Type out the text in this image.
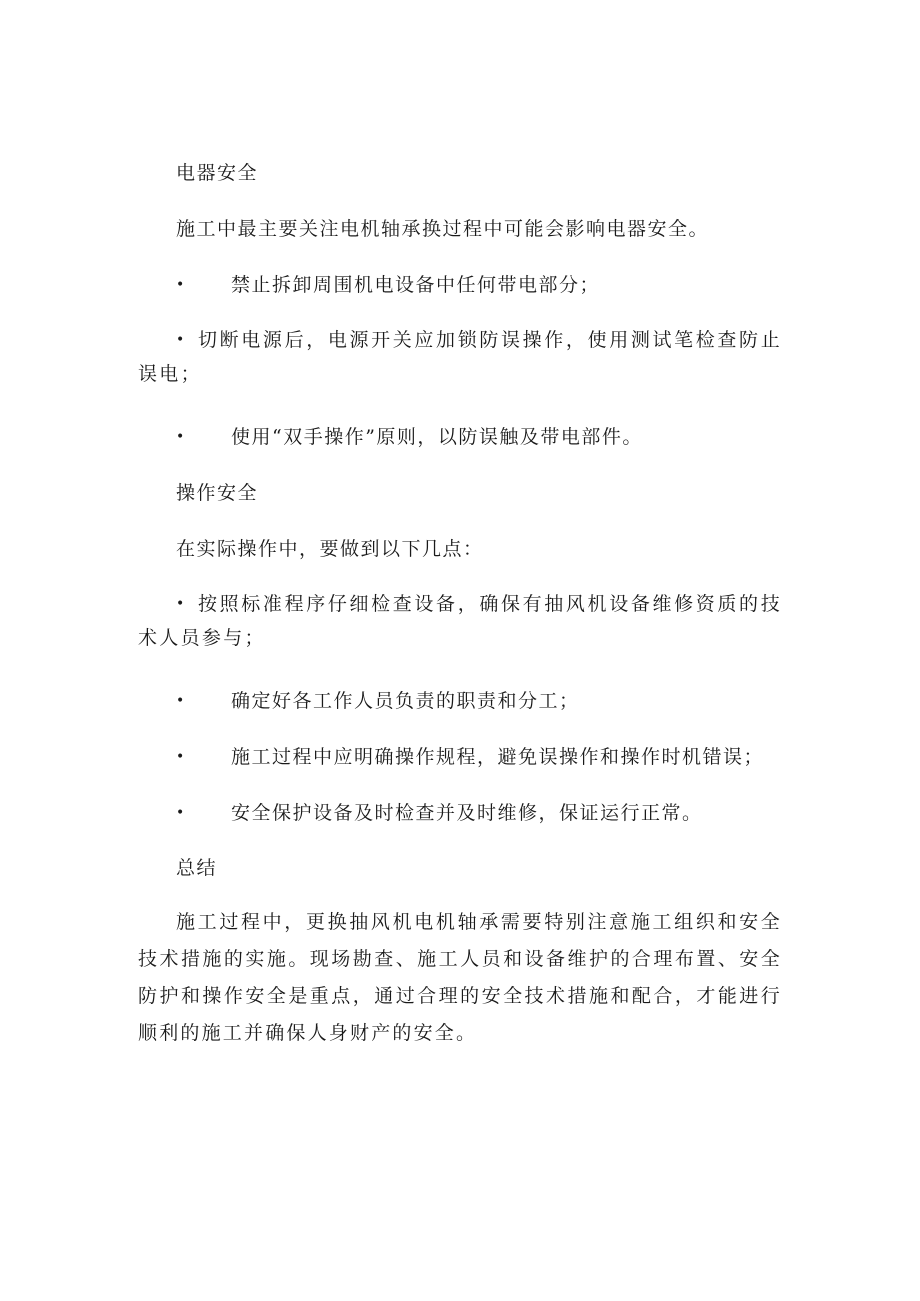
电器安全
施工中最主要关注电机轴承换过程中可能会影响电器安全。
• 禁止拆卸周围机电设备中任何带电部分；
• 切断电源后，电源开关应加锁防误操作，使用测试笔检查防止误电；
• 使用“双手操作”原则，以防误触及带电部件。
操作安全
在实际操作中，要做到以下几点：
• 按照标准程序仔细检查设备，确保有抽风机设备维修资质的技术人员参与；
• 确定好各工作人员负责的职责和分工；
• 施工过程中应明确操作规程，避免误操作和操作时机错误；
• 安全保护设备及时检查并及时维修，保证运行正常。
总结
施工过程中，更换抽风机电机轴承需要特别注意施工组织和安全技术措施的实施。现场勘查、施工人员和设备维护的合理布置、安全防护和操作安全是重点，通过合理的安全技术措施和配合，才能进行顺利的施工并确保人身财产的安全。
